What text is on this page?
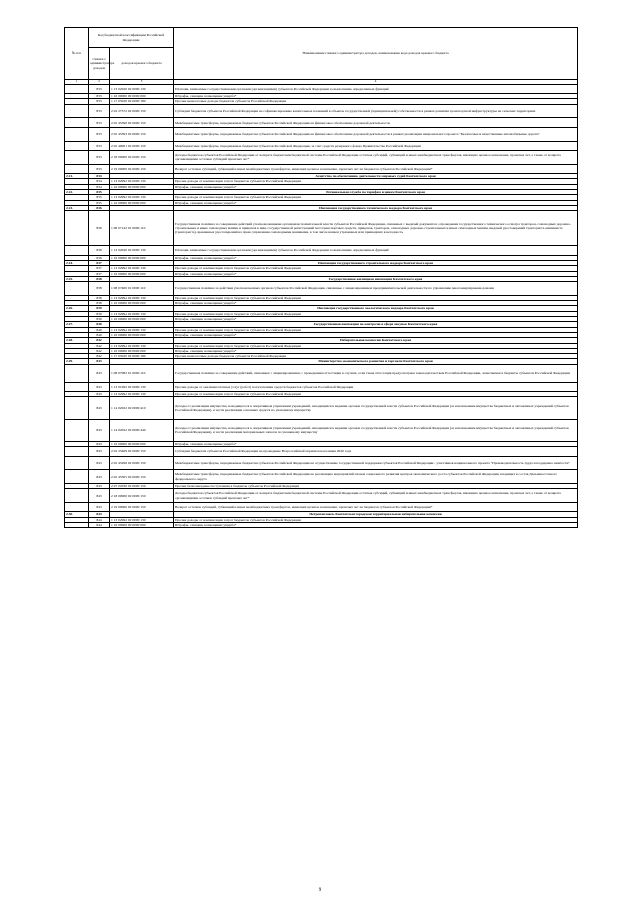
№ п/п	Код бюджетной классификации Российской Федерации		Наименование главного администратора доходов, наименование кода доходов краевого бюджета
	главного администратора доходов	доходов краевого бюджета	
1	2	3	4
	833	1 13 02020 02 0000 130	Платежи, взимаемые государственными органами (организациями) субъектов Российской Федерации за выполнение определенных функций
	833	1 16 00000 00 0000 000	Штрафы, санкции, возмещение ущерба*
	833	1 17 05020 02 0000 180	Прочие неналоговые доходы бюджетов субъектов Российской Федерации
	833	2 02 27372 02 0000 150	Субсидии бюджетам субъектов Российской Федерации на софинансирование капитальных вложений в объекты государственной (муниципальной) собственности в рамках развития транспортной инфраструктуры на сельских территориях
	833	2 02 45390 02 0000 150	Межбюджетные трансферты, передаваемые бюджетам субъектов Российской Федерации на финансовое обеспечение дорожной деятельности
	833	2 02 45393 02 0000 150	Межбюджетные трансферты, передаваемые бюджетам субъектов Российской Федерации на финансовое обеспечение дорожной деятельности в рамках реализации национального проекта "Безопасные и качественные автомобильные дороги"
	833	2 02 49001 02 0000 150	Межбюджетные трансферты, передаваемые бюджетам субъектов Российской Федерации, за счет средств резервного фонда Правительства Российской Федерации
	833	2 18 00000 02 0000 150	Доходы бюджетов субъектов Российской Федерации от возврата бюджетами бюджетной системы Российской Федерации остатков субсидий, субвенций и иных межбюджетных трансфертов, имеющих целевое назначение, прошлых лет, а также от возврата организациями остатков субсидий прошлых лет*
	833	2 19 00000 02 0000 150	Возврат остатков субсидий, субвенций и иных межбюджетных трансфертов, имеющих целевое назначение, прошлых лет из бюджетов субъектов Российской Федерации*
2.21.	834		Агентство по обеспечению деятельности мировых судей Камчатского края
	834	1 13 02992 02 0000 130	Прочие доходы от компенсации затрат бюджетов субъектов Российской Федерации
	834	1 16 00000 00 0000 000	Штрафы, санкции, возмещение ущерба*
2.22.	835		Региональная служба по тарифам и ценам Камчатского края
	835	1 13 02992 02 0000 130	Прочие доходы от компенсации затрат бюджетов субъектов Российской Федерации
	835	1 16 00000 00 0000 000	Штрафы, санкции, возмещение ущерба*
2.23.	836		Инспекция государственного технического надзора Камчатского края
	836	1 08 07142 01 0000 110	Государственная пошлина за совершение действий уполномоченными органами исполнительной власти субъектов Российской Федерации, связанных с выдачей документов о проведении государственного технического осмотра тракторов, самоходных дорожно-строительных и иных самоходных машин и прицепов к ним, государственной регистрацией мототранспортных средств, прицепов, тракторов, самоходных дорожно-строительных и иных самоходных машин, выдачей удостоверений тракториста-машиниста (тракториста), временных удостоверений на право управления самоходными машинами, в том числе взамен утраченных или пришедших в негодность
	836	1 13 02020 02 0000 130	Платежи, взимаемые государственными органами (организациями) субъектов Российской Федерации за выполнение определенных функций
	836	1 16 00000 00 0000 000	Штрафы, санкции, возмещение ущерба*
2.24.	837		Инспекция государственного строительного надзора Камчатского края
	837	1 13 02992 02 0000 130	Прочие доходы от компенсации затрат бюджетов субъектов Российской Федерации
	837	1 16 00000 00 0000 000	Штрафы, санкции, возмещение ущерба*
2.25.	838		Государственная жилищная инспекция Камчатского края
	838	1 08 07400 01 0000 110	Государственная пошлина за действия уполномоченных органов субъектов Российской Федерации, связанные с лицензированием предпринимательской деятельности по управлению многоквартирными домами
	838	1 13 02992 02 0000 130	Прочие доходы от компенсации затрат бюджетов субъектов Российской Федерации
	838	1 16 00000 00 0000 000	Штрафы, санкции, возмещение ущерба*
2.26.	839		Инспекция государственного экологического надзора Камчатского края
	839	1 13 02992 02 0000 130	Прочие доходы от компенсации затрат бюджетов субъектов Российской Федерации
	839	1 16 00000 00 0000 000	Штрафы, санкции, возмещение ущерба*
2.27.	840		Государственная инспекция по контролю в сфере закупок Камчатского края
	840	1 13 02992 02 0000 130	Прочие доходы от компенсации затрат бюджетов субъектов Российской Федерации
	840	1 16 00000 00 0000 000	Штрафы, санкции, возмещение ущерба*
2.28.	842		Избирательная комиссия Камчатского края
	842	1 13 02992 02 0000 130	Прочие доходы от компенсации затрат бюджетов субъектов Российской Федерации
	842	1 16 00000 00 0000 000	Штрафы, санкции, возмещение ущерба*
	842	1 17 05020 02 0000 180	Прочие неналоговые доходы бюджетов субъектов Российской Федерации
2.29.	843		Министерство экономического развития и торговли Камчатского края
	843	1 08 07082 01 0000 110	Государственная пошлина за совершение действий, связанных с лицензированием, с проведением аттестации в случаях, если такая аттестация предусмотрена законодательством Российской Федерации, зачисляемая в бюджеты субъектов Российской Федерации
	843	1 13 01992 02 0000 130	Прочие доходы от оказания платных услуг (работ) получателями средств бюджетов субъектов Российской Федерации
	843	1 13 02992 02 0000 130	Прочие доходы от компенсации затрат бюджетов субъектов Российской Федерации
	843	1 14 02022 02 0000 410	Доходы от реализации имущества, находящегося в оперативном управлении учреждений, находящихся в ведении органов государственной власти субъектов Российской Федерации (за исключением имущества бюджетных и автономных учреждений субъектов Российской Федерации), в части реализации основных средств по указанному имуществу
	843	1 14 02022 02 0000 440	Доходы от реализации имущества, находящегося в оперативном управлении учреждений, находящихся в ведении органов государственной власти субъектов Российской Федерации (за исключением имущества бюджетных и автономных учреждений субъектов Российской Федерации), в части реализации материальных запасов по указанному имуществу
	843	1 16 00000 00 0000 000	Штрафы, санкции, возмещение ущерба*
	843	2 02 25469 02 0000 150	Субсидии бюджетам субъектов Российской Федерации на проведение Всероссийской переписи населения 2020 года
	843	2 02 45296 02 0000 150	Межбюджетные трансферты, передаваемые бюджетам субъектов Российской Федерации на осуществление государственной поддержки субъектов Российской Федерации - участников национального проекта "Производительность труда и поддержка занятости"
	843	2 02 45505 02 0000 150	Межбюджетные трансферты, передаваемые бюджетам субъектов Российской Федерации на реализацию мероприятий планов социального развития центров экономического роста субъектов Российской Федерации, входящих в состав Дальневосточного федерального округа
	843	2 07 02030 02 0000 150	Прочие безвозмездные поступления в бюджеты субъектов Российской Федерации
	843	2 18 00000 02 0000 150	Доходы бюджетов субъектов Российской Федерации от возврата бюджетами бюджетной системы Российской Федерации остатков субсидий, субвенций и иных межбюджетных трансфертов, имеющих целевое назначение, прошлых лет, а также от возврата организациями остатков субсидий прошлых лет*
	843	2 19 00000 02 0000 150	Возврат остатков субсидий, субвенций и иных межбюджетных трансфертов, имеющих целевое назначение, прошлых лет из бюджетов субъектов Российской Федерации*
2.30.	844		Петропавловск-Камчатская городская территориальная избирательная комиссия
	844	1 13 02992 02 0000 130	Прочие доходы от компенсации затрат бюджетов субъектов Российской Федерации
	844	1 16 00000 00 0000 000	Штрафы, санкции, возмещение ущерба*
9
